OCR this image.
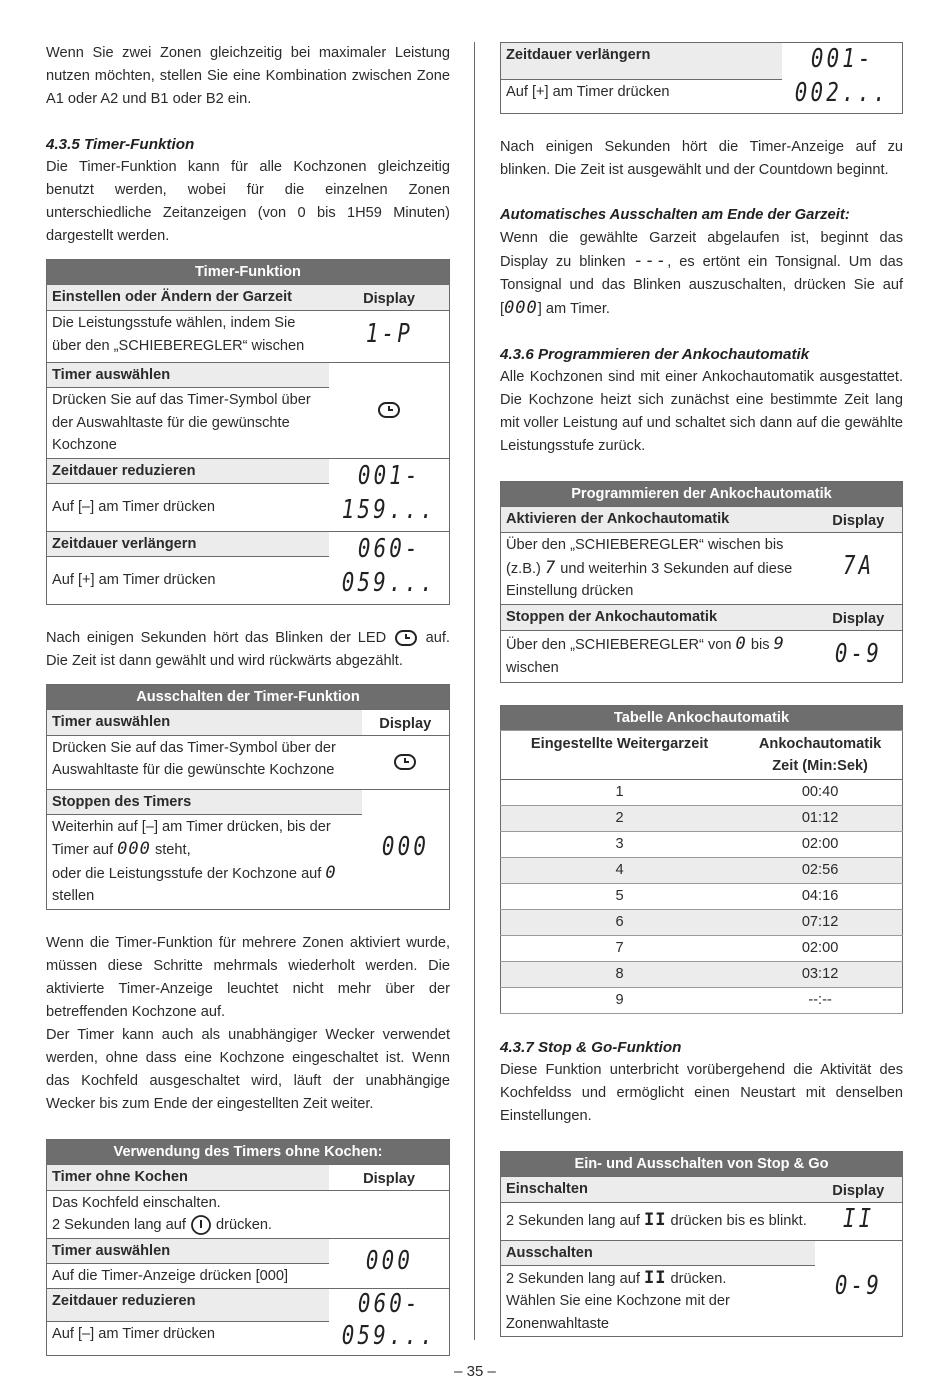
Wenn Sie zwei Zonen gleichzeitig bei maximaler Leistung nutzen möchten, stellen Sie eine Kombination zwischen Zone A1 oder A2 und B1 oder B2 ein.

4.3.5 Timer-Funktion

Die Timer-Funktion kann für alle Kochzonen gleichzeitig benutzt werden, wobei für die einzelnen Zonen unterschiedliche Zeitanzeigen (von 0 bis 1H59 Minuten) dargestellt werden.

Timer-Funktion	
Einstellen oder Ändern der Garzeit	Display
Die Leistungsstufe wählen, indem Sie über den „SCHIEBEREGLER“ wischen	1-P
Timer auswählen	
Drücken Sie auf das Timer-Symbol über der Auswahltaste für die gewünschte Kochzone	
Zeitdauer reduzieren	001-
159...
Auf [–] am Timer drücken	
Zeitdauer verlängern	060-
059...
Auf [+] am Timer drücken	

Nach einigen Sekunden hört das Blinken der LED	auf. Die Zeit ist dann gewählt und wird rückwärts abgezählt.

Ausschalten der Timer-Funktion	
Timer auswählen	Display
Drücken Sie auf das Timer-Symbol über der Auswahltaste für die gewünschte Kochzone	
Stoppen des Timers	000
Weiterhin auf [–] am Timer drücken, bis der Timer auf 000 steht,
oder die Leistungsstufe der Kochzone auf 0
stellen	

Wenn die Timer-Funktion für mehrere Zonen aktiviert wurde, müssen diese Schritte mehrmals wiederholt werden. Die aktivierte Timer-Anzeige leuchtet nicht mehr über der betreffenden Kochzone auf.

Der Timer kann auch als unabhängiger Wecker verwendet werden, ohne dass eine Kochzone eingeschaltet ist. Wenn das Kochfeld ausgeschaltet wird, läuft der unabhängige Wecker bis zum Ende der eingestellten Zeit weiter.

Verwendung des Timers ohne Kochen:	
Timer ohne Kochen	Display
Das Kochfeld einschalten.
2 Sekunden lang auf drücken.	
Timer auswählen	000
Auf die Timer-Anzeige drücken [000]	
Zeitdauer reduzieren	060-
059...
Auf [–] am Timer drücken	
Zeitdauer verlängern	001-
002...
Auf [+] am Timer drücken

Nach einigen Sekunden hört die Timer-Anzeige auf zu blinken. Die Zeit ist ausgewählt und der Countdown beginnt.

Automatisches Ausschalten am Ende der Garzeit:

Wenn die gewählte Garzeit abgelaufen ist, beginnt das Display zu blinken ---, es ertönt ein Tonsignal. Um das Tonsignal und das Blinken auszuschalten, drücken Sie auf [000] am Timer.

4.3.6 Programmieren der Ankochautomatik

Alle Kochzonen sind mit einer Ankochautomatik ausgestattet. Die Kochzone heizt sich zunächst eine bestimmte Zeit lang mit voller Leistung auf und schaltet sich dann auf die gewählte Leistungsstufe zurück.

Programmieren der Ankochautomatik	
Aktivieren der Ankochautomatik	Display
Über den „SCHIEBEREGLER“ wischen bis (z.B.) 7 und weiterhin 3 Sekunden auf diese Einstellung drücken	7A
Stoppen der Ankochautomatik	Display
Über den „SCHIEBEREGLER“ von 0 bis 9
wischen	0-9
Tabelle Ankochautomatik	
Eingestellte Weitergarzeit	Ankochautomatik
Zeit (Min:Sek)
1	00:40
2	01:12
3	02:00
4	02:56
5	04:16
6	07:12
7	02:00
8	03:12
9	--:--
4.3.7 Stop & Go-Funktion

Diese Funktion unterbricht vorübergehend die Aktivität des Kochfeldss und ermöglicht einen Neustart mit denselben Einstellungen.

Ein- und Ausschalten von Stop & Go	
Einschalten	Display
2 Sekunden lang auf II drücken bis es blinkt.	II
Ausschalten	0-9
2 Sekunden lang auf II drücken.
Wählen Sie eine Kochzone mit der Zonenwahltaste	
– 35 –
